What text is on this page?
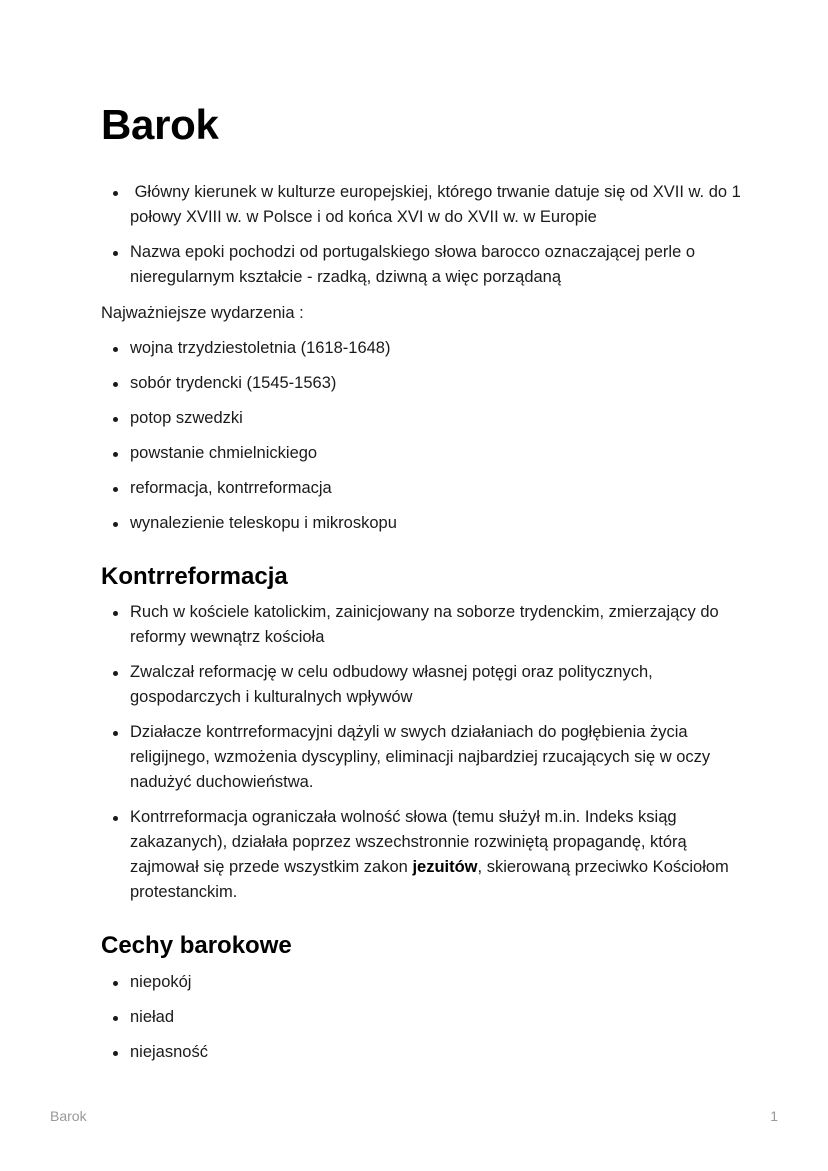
Barok
Główny kierunek w kulturze europejskiej, którego trwanie datuje się od XVII w. do 1 połowy XVIII w. w Polsce i od końca XVI w do XVII w. w Europie
Nazwa epoki pochodzi od portugalskiego słowa barocco oznaczającej perle o nieregularnym kształcie - rzadką, dziwną a więc porządaną

Najważniejsze wydarzenia :

wojna trzydziestoletnia (1618-1648)
sobór trydencki (1545-1563)
potop szwedzki
powstanie chmielnickiego
reformacja, kontrreformacja
wynalezienie teleskopu i mikroskopu
Kontrreformacja
Ruch w kościele katolickim, zainicjowany na soborze trydenckim, zmierzający do reformy wewnątrz kościoła
Zwalczał reformację w celu odbudowy własnej potęgi oraz politycznych, gospodarczych i kulturalnych wpływów
Działacze kontrreformacyjni dążyli w swych działaniach do pogłębienia życia religijnego, wzmożenia dyscypliny, eliminacji najbardziej rzucających się w oczy nadużyć duchowieństwa.
Kontrreformacja ograniczała wolność słowa (temu służył m.in. Indeks ksiąg zakazanych), działała poprzez wszechstronnie rozwiniętą propagandę, którą zajmował się przede wszystkim zakon jezuitów, skierowaną przeciwko Kościołom protestanckim.
Cechy barokowe
niepokój
nieład
niejasność
Barok	1
